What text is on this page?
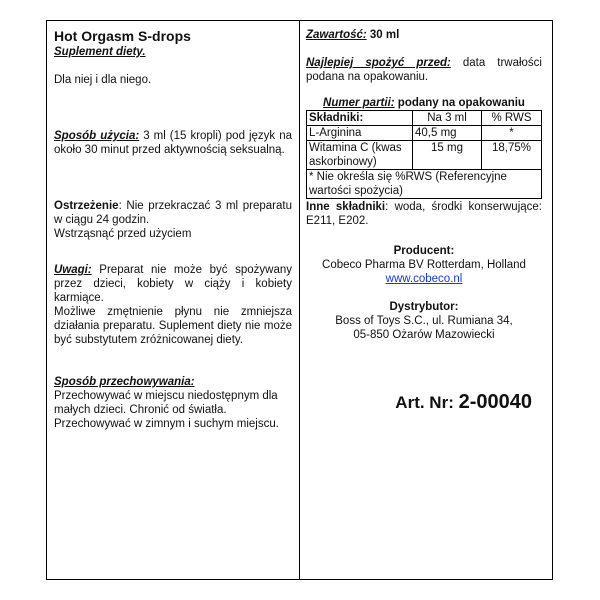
Hot Orgasm S-drops
Suplement diety.

Dla niej i dla niego.

Sposób użycia: 3 ml (15 kropli) pod język na około 30 minut przed aktywnością seksualną.

Ostrzeżenie: Nie przekraczać 3 ml preparatu w ciągu 24 godzin.

Wstrząsnąć przed użyciem

Uwagi: Preparat nie może być spożywany przez dzieci, kobiety w ciąży i kobiety karmiące.

Możliwe zmętnienie płynu nie zmniejsza działania preparatu. Suplement diety nie może być substytutem zróżnicowanej diety.

Sposób przechowywania:

Przechowywać w miejscu niedostępnym dla małych dzieci. Chronić od światła.

Przechowywać w zimnym i suchym miejscu.

Zawartość: 30 ml

Najlepiej spożyć przed: data trwałości podana na opakowaniu.

Numer partii: podany na opakowaniu

Składniki:	Na 3 ml	% RWS
L-Arginina	40,5 mg	*
Witamina C (kwas askorbinowy)	15 mg	18,75%
* Nie określa się %RWS (Referencyjne wartości spożycia)		

Inne składniki: woda, środki konserwujące: E211, E202.

Producent:
Cobeco Pharma BV Rotterdam, Holland
www.cobeco.nl
Dystrybutor:
Boss of Toys S.C., ul. Rumiana 34,
05-850 Ożarów Mazowiecki
Art. Nr: 2-00040
